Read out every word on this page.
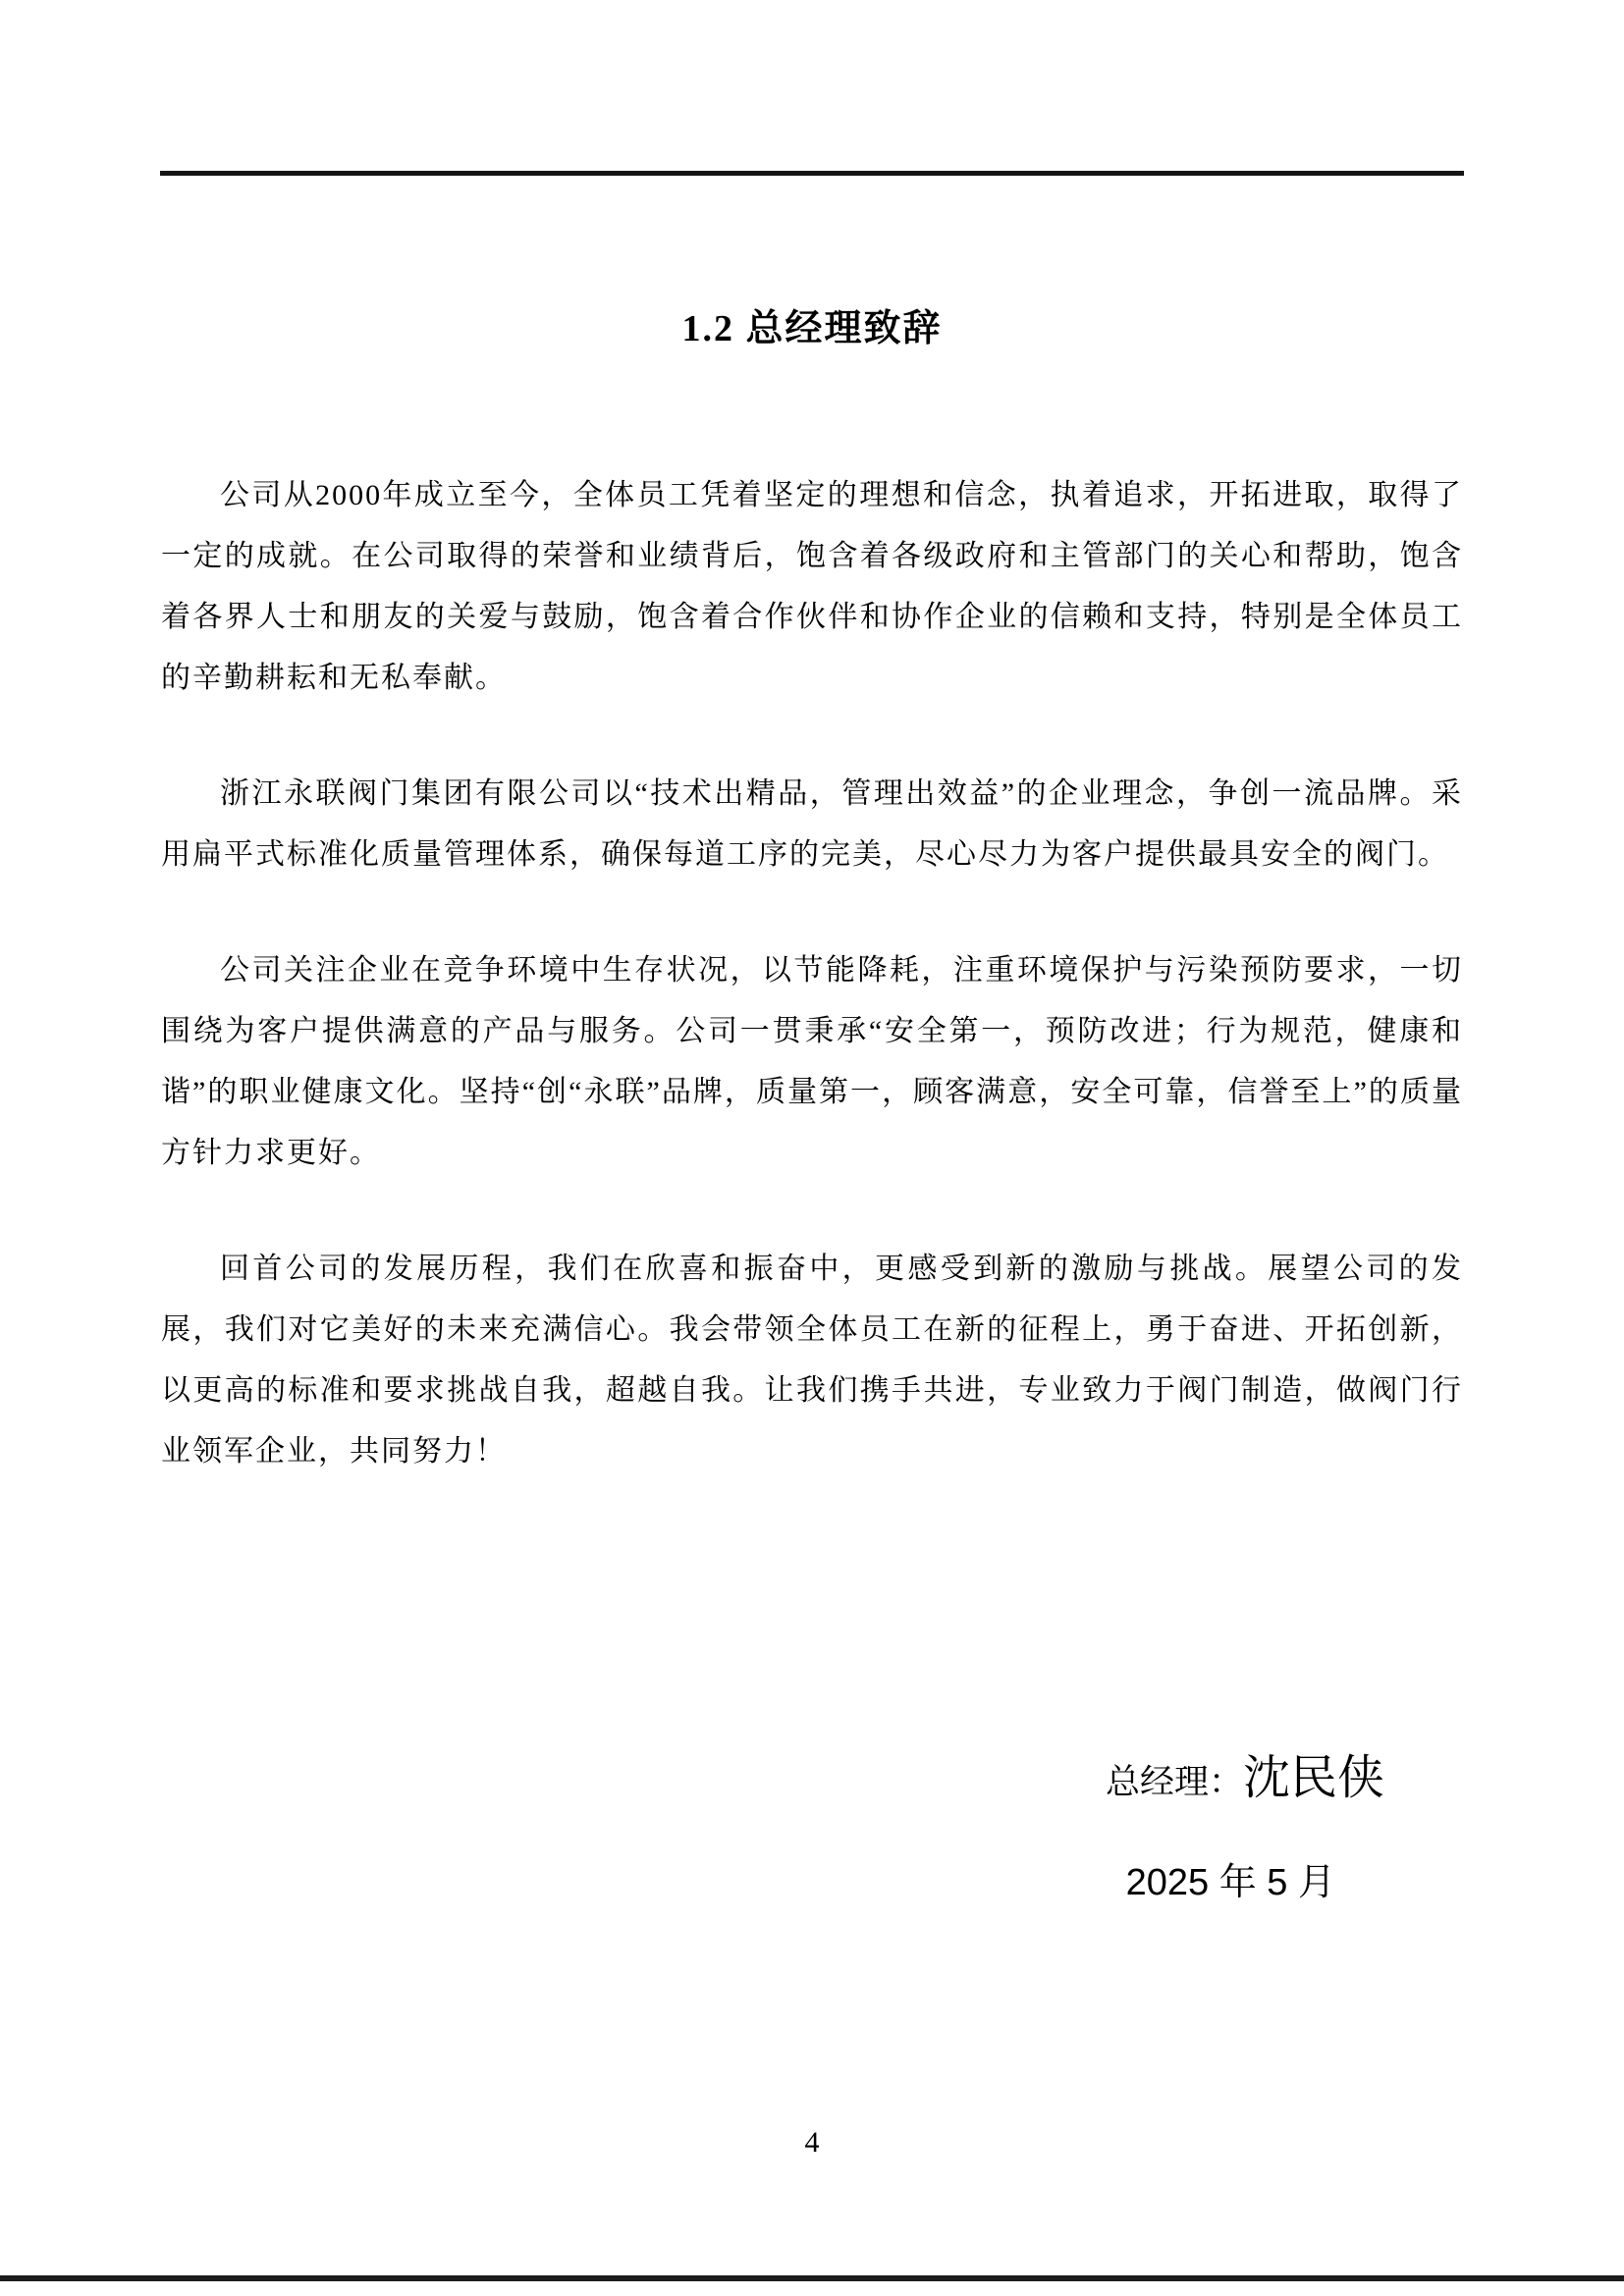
1.2 总经理致辞

公司从2000年成立至今，全体员工凭着坚定的理想和信念，执着追求，开拓进取，取得了一定的成就。在公司取得的荣誉和业绩背后，饱含着各级政府和主管部门的关心和帮助，饱含着各界人士和朋友的关爱与鼓励，饱含着合作伙伴和协作企业的信赖和支持，特别是全体员工的辛勤耕耘和无私奉献。

浙江永联阀门集团有限公司以“技术出精品，管理出效益”的企业理念，争创一流品牌。采用扁平式标准化质量管理体系，确保每道工序的完美，尽心尽力为客户提供最具安全的阀门。

公司关注企业在竞争环境中生存状况，以节能降耗，注重环境保护与污染预防要求，一切围绕为客户提供满意的产品与服务。公司一贯秉承“安全第一，预防改进；行为规范，健康和谐”的职业健康文化。坚持“创“永联”品牌，质量第一，顾客满意，安全可靠，信誉至上”的质量方针力求更好。

回首公司的发展历程，我们在欣喜和振奋中，更感受到新的激励与挑战。展望公司的发展，我们对它美好的未来充满信心。我会带领全体员工在新的征程上，勇于奋进、开拓创新，以更高的标准和要求挑战自我，超越自我。让我们携手共进，专业致力于阀门制造，做阀门行业领军企业，共同努力！

总经理：沈民侠
2025 年 5 月
4
